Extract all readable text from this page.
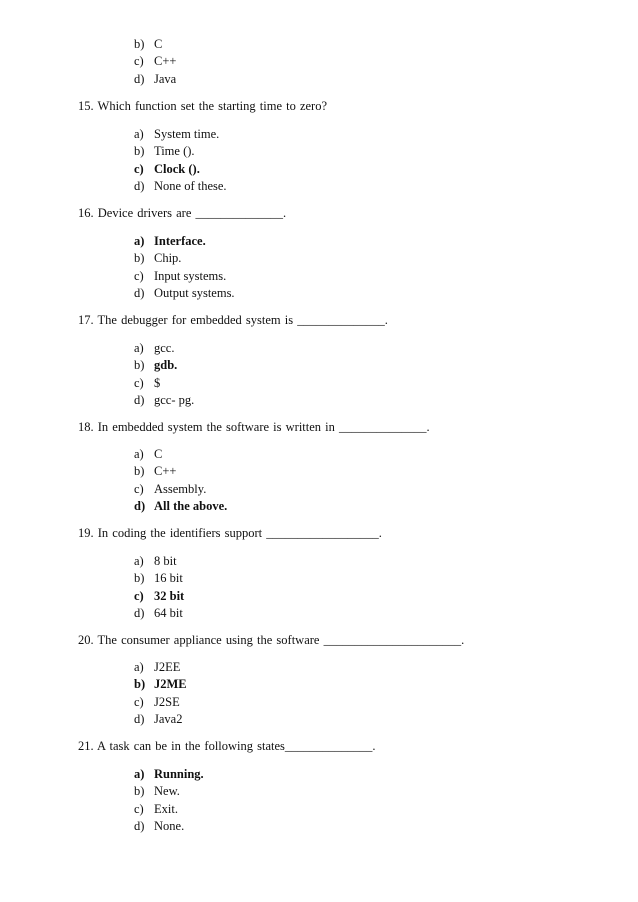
b) C
c) C++
d) Java
15. Which function set the starting time to zero?
a) System time.
b) Time ().
c) Clock ().
d) None of these.
16. Device drivers are ______________.
a) Interface.
b) Chip.
c) Input systems.
d) Output systems.
17. The debugger for embedded system is ______________.
a) gcc.
b) gdb.
c) $
d) gcc- pg.
18. In embedded system the software is written in ______________.
a) C
b) C++
c) Assembly.
d) All the above.
19. In coding the identifiers support __________________.
a) 8 bit
b) 16 bit
c) 32 bit
d) 64 bit
20. The consumer appliance using the software ______________________.
a) J2EE
b) J2ME
c) J2SE
d) Java2
21. A task can be in the following states______________.
a) Running.
b) New.
c) Exit.
d) None.
